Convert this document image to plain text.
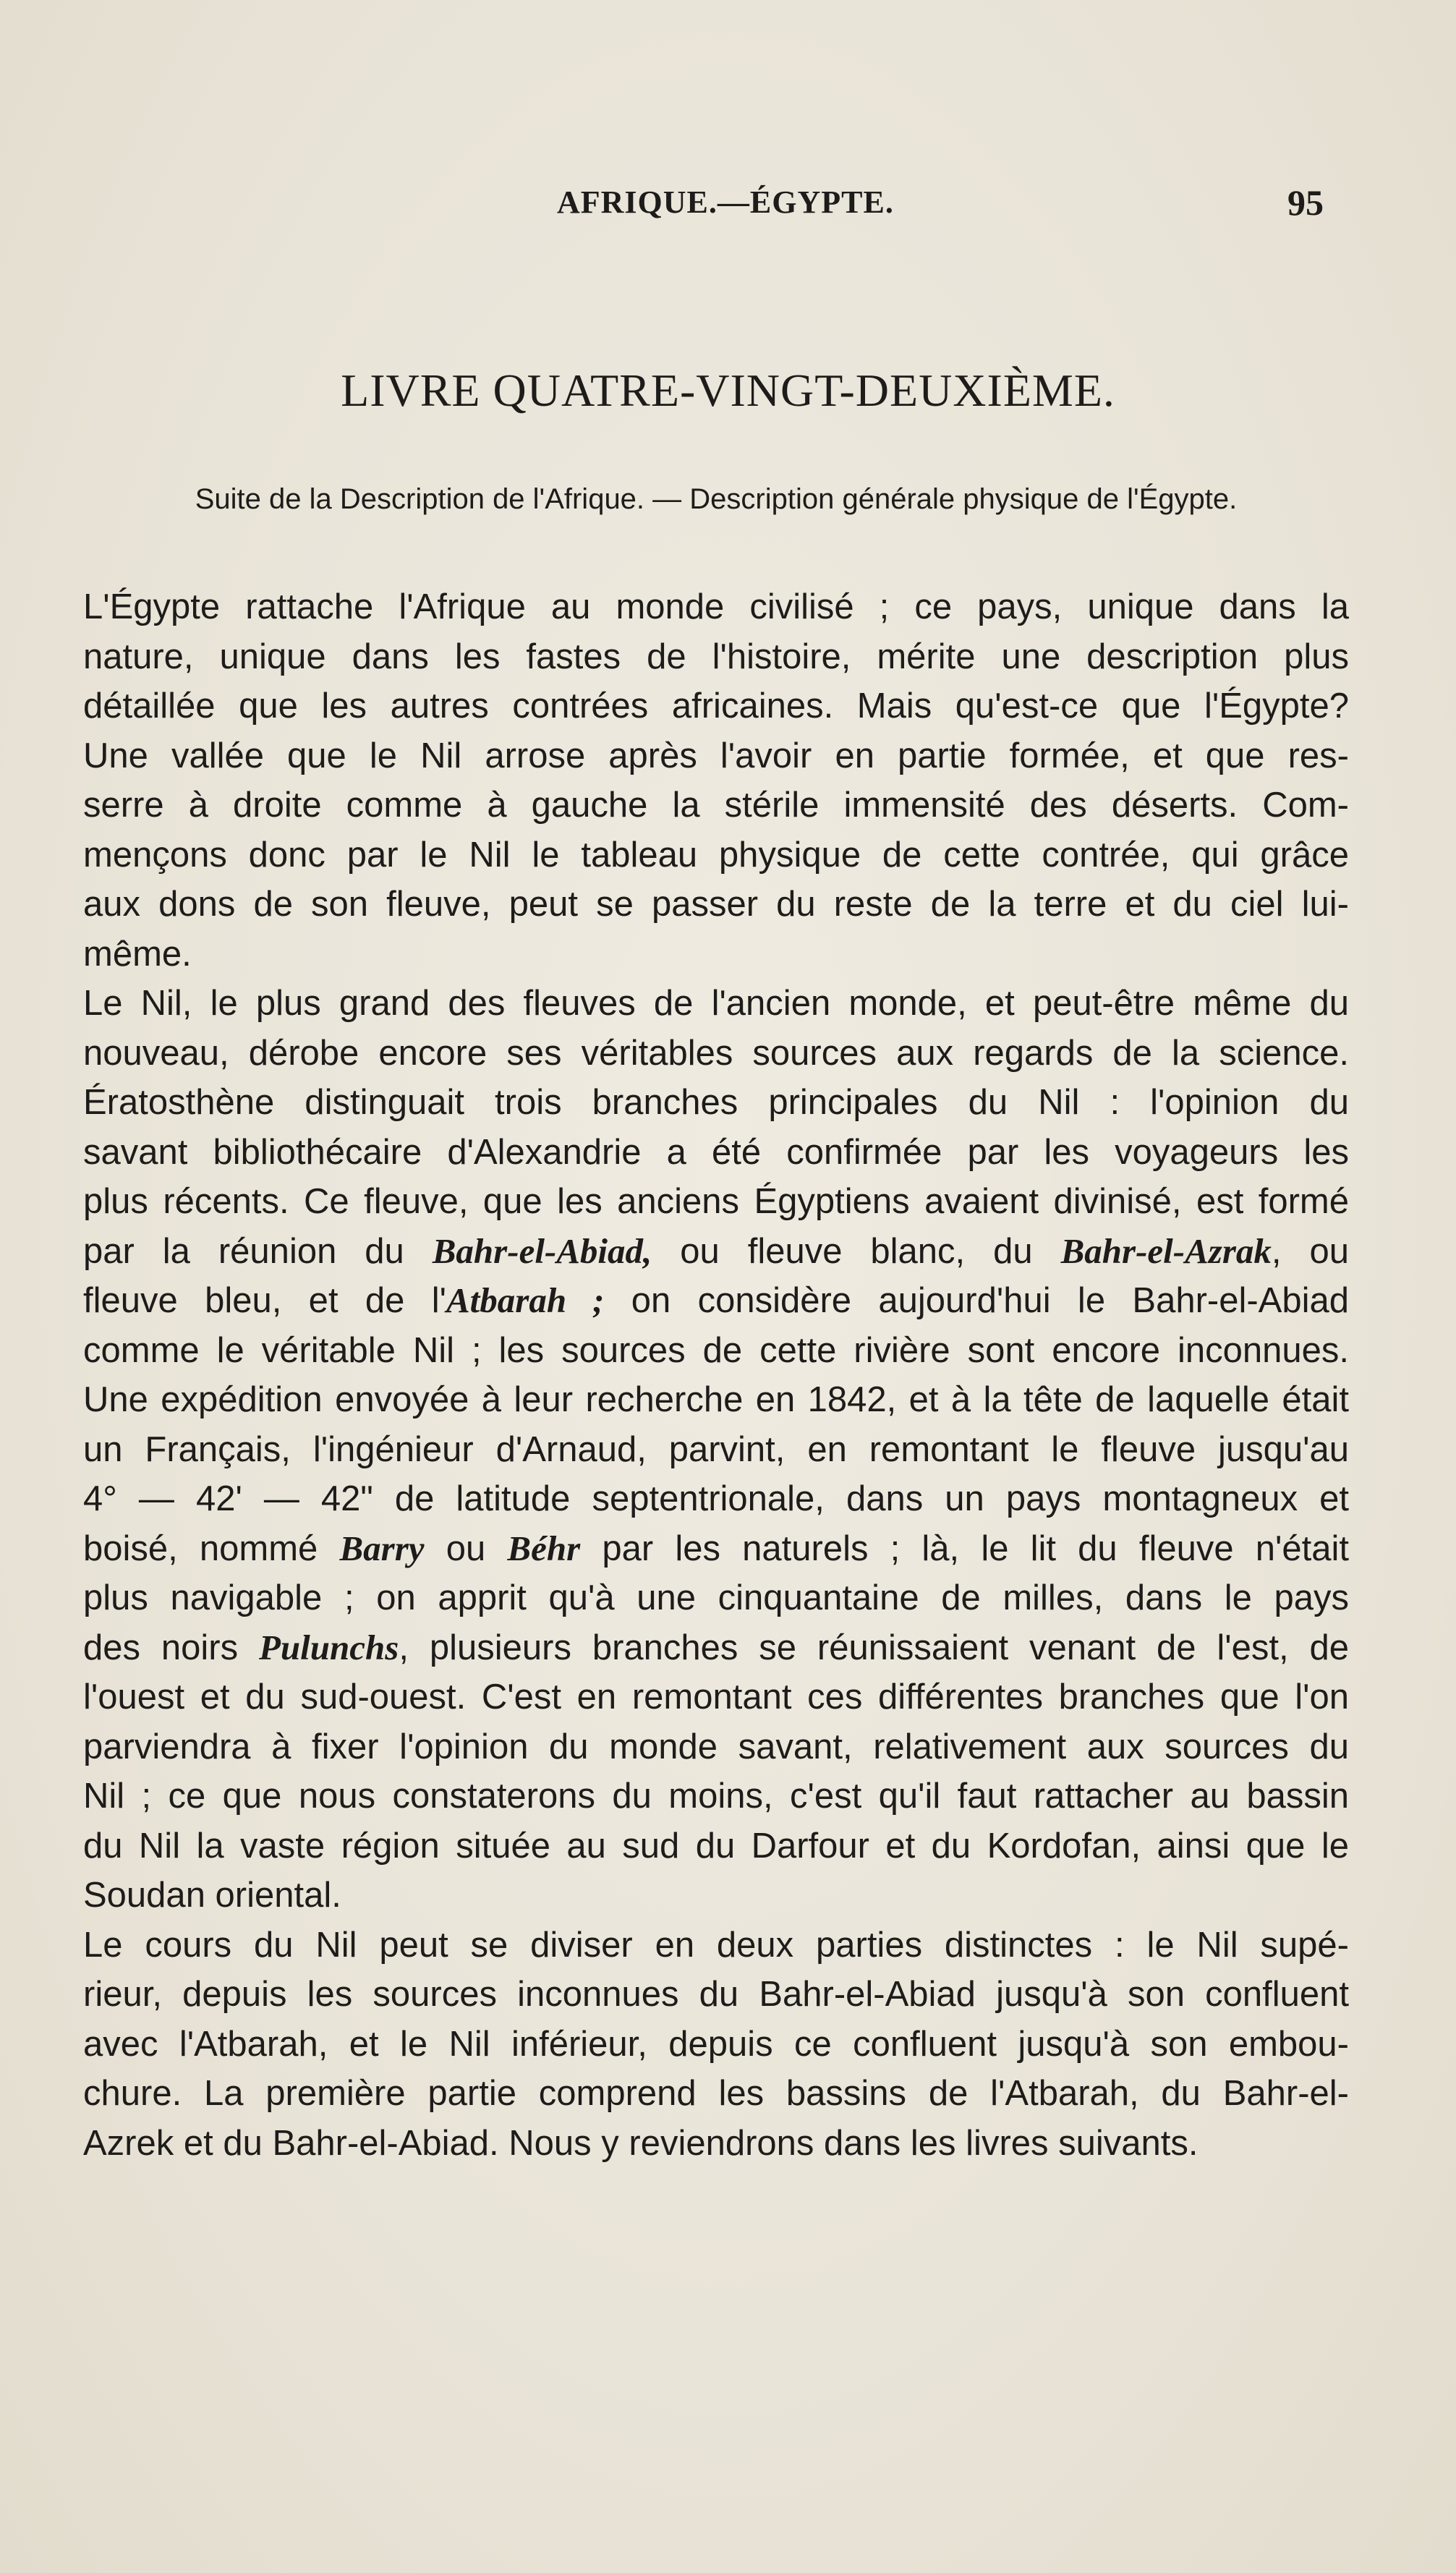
AFRIQUE.—ÉGYPTE.	95
LIVRE QUATRE-VINGT-DEUXIÈME.
Suite de la Description de l'Afrique. — Description générale physique de l'Égypte.
L'Égypte rattache l'Afrique au monde civilisé ; ce pays, unique dans la
nature, unique dans les fastes de l'histoire, mérite une description plus
détaillée que les autres contrées africaines. Mais qu'est-ce que l'Égypte?
Une vallée que le Nil arrose après l'avoir en partie formée, et que res-
serre à droite comme à gauche la stérile immensité des déserts. Com-
mençons donc par le Nil le tableau physique de cette contrée, qui grâce
aux dons de son fleuve, peut se passer du reste de la terre et du ciel lui-
même.
Le Nil, le plus grand des fleuves de l'ancien monde, et peut-être même du
nouveau, dérobe encore ses véritables sources aux regards de la science.
Ératosthène distinguait trois branches principales du Nil : l'opinion du
savant bibliothécaire d'Alexandrie a été confirmée par les voyageurs les
plus récents. Ce fleuve, que les anciens Égyptiens avaient divinisé, est formé
par la réunion du Bahr-el-Abiad, ou fleuve blanc, du Bahr-el-Azrak, ou
fleuve bleu, et de l'Atbarah ; on considère aujourd'hui le Bahr-el-Abiad
comme le véritable Nil ; les sources de cette rivière sont encore inconnues.
Une expédition envoyée à leur recherche en 1842, et à la tête de laquelle était
un Français, l'ingénieur d'Arnaud, parvint, en remontant le fleuve jusqu'au
4° — 42' — 42" de latitude septentrionale, dans un pays montagneux et
boisé, nommé Barry ou Béhr par les naturels ; là, le lit du fleuve n'était
plus navigable ; on apprit qu'à une cinquantaine de milles, dans le pays
des noirs Pulunchs, plusieurs branches se réunissaient venant de l'est, de
l'ouest et du sud-ouest. C'est en remontant ces différentes branches que l'on
parviendra à fixer l'opinion du monde savant, relativement aux sources du
Nil ; ce que nous constaterons du moins, c'est qu'il faut rattacher au bassin
du Nil la vaste région située au sud du Darfour et du Kordofan, ainsi que le
Soudan oriental.
Le cours du Nil peut se diviser en deux parties distinctes : le Nil supé-
rieur, depuis les sources inconnues du Bahr-el-Abiad jusqu'à son confluent
avec l'Atbarah, et le Nil inférieur, depuis ce confluent jusqu'à son embou-
chure. La première partie comprend les bassins de l'Atbarah, du Bahr-el-
Azrek et du Bahr-el-Abiad. Nous y reviendrons dans les livres suivants.
